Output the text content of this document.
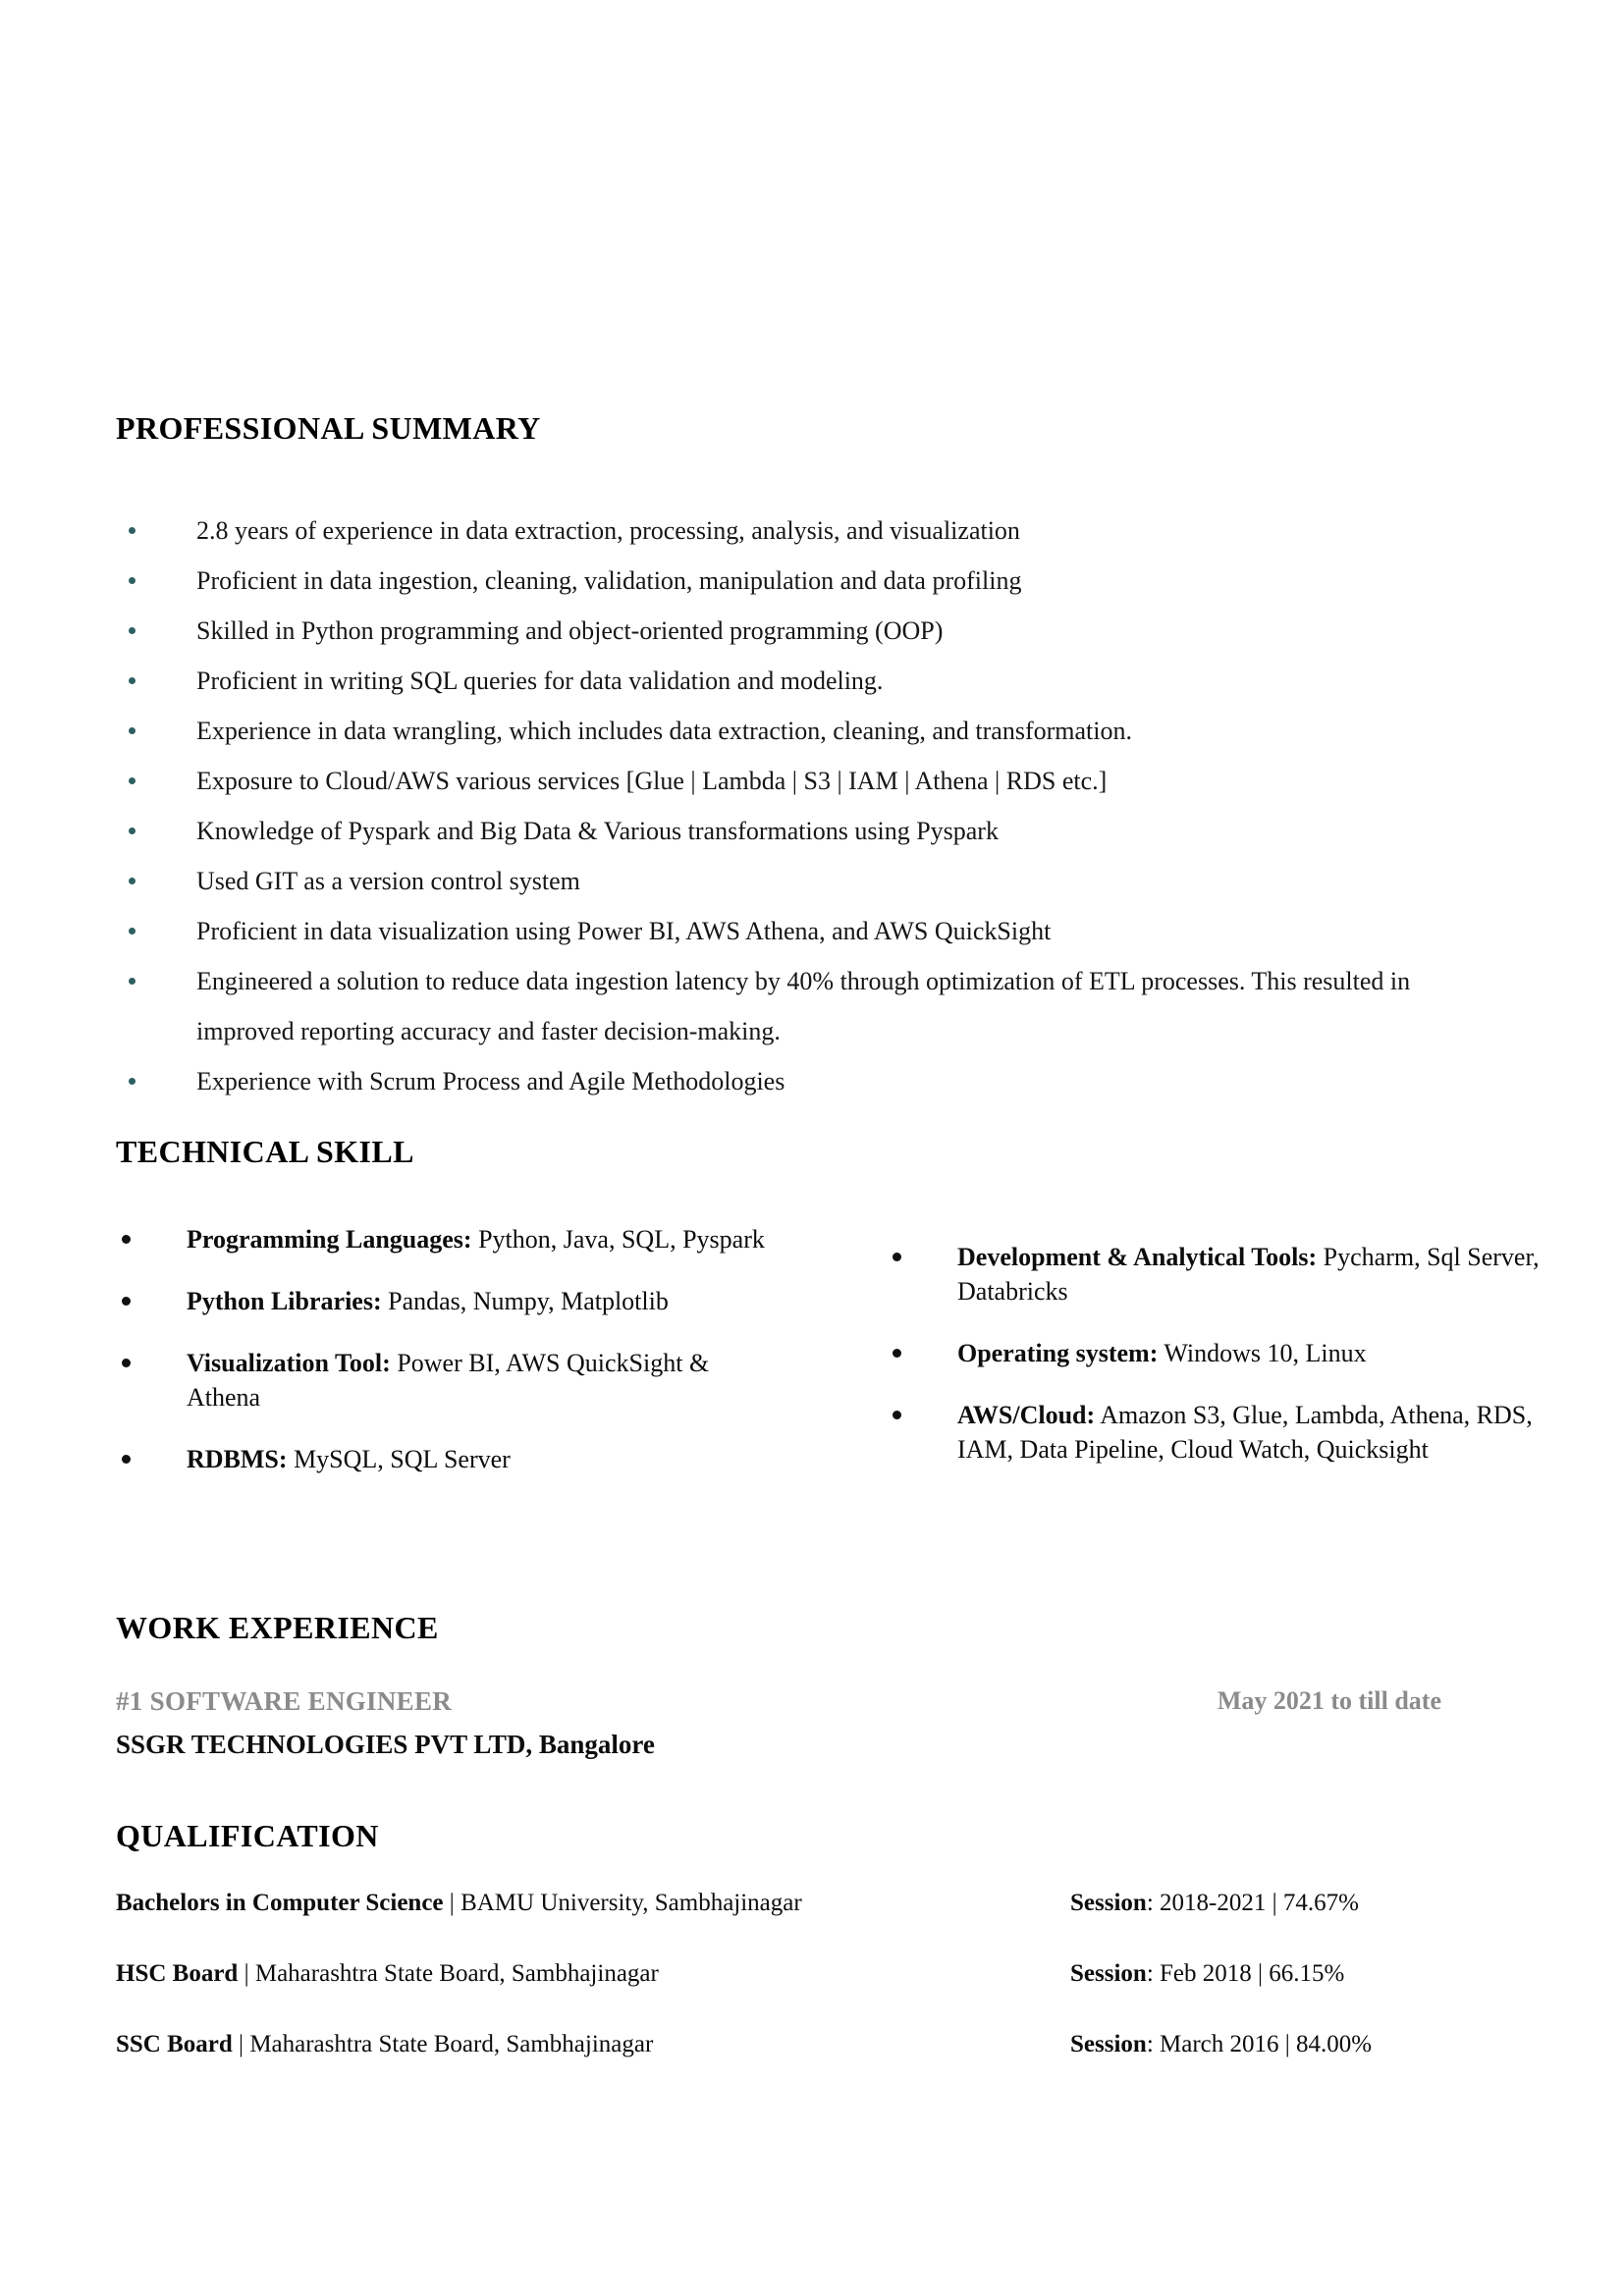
PROFESSIONAL SUMMARY
2.8 years of experience in data extraction, processing, analysis, and visualization
Proficient in data ingestion, cleaning, validation, manipulation and data profiling
Skilled in Python programming and object-oriented programming (OOP)
Proficient in writing SQL queries for data validation and modeling.
Experience in data wrangling, which includes data extraction, cleaning, and transformation.
Exposure to Cloud/AWS various services [Glue | Lambda | S3 | IAM | Athena | RDS etc.]
Knowledge of Pyspark and Big Data & Various transformations using Pyspark
Used GIT as a version control system
Proficient in data visualization using Power BI, AWS Athena, and AWS QuickSight
Engineered a solution to reduce data ingestion latency by 40% through optimization of ETL processes. This resulted in improved reporting accuracy and faster decision-making.
Experience with Scrum Process and Agile Methodologies
TECHNICAL SKILL
Programming Languages: Python, Java, SQL, Pyspark
Python Libraries: Pandas, Numpy, Matplotlib
Visualization Tool: Power BI, AWS QuickSight & Athena
RDBMS: MySQL, SQL Server
Development & Analytical Tools: Pycharm, Sql Server, Databricks
Operating system: Windows 10, Linux
AWS/Cloud: Amazon S3, Glue, Lambda, Athena, RDS, IAM, Data Pipeline, Cloud Watch, Quicksight
WORK EXPERIENCE
#1 SOFTWARE ENGINEER	May 2021 to till date
SSGR TECHNOLOGIES PVT LTD, Bangalore
QUALIFICATION
Bachelors in Computer Science | BAMU University, Sambhajinagar	Session: 2018-2021 | 74.67%
HSC Board | Maharashtra State Board, Sambhajinagar	Session: Feb 2018 | 66.15%
SSC Board | Maharashtra State Board, Sambhajinagar	Session: March 2016 | 84.00%
